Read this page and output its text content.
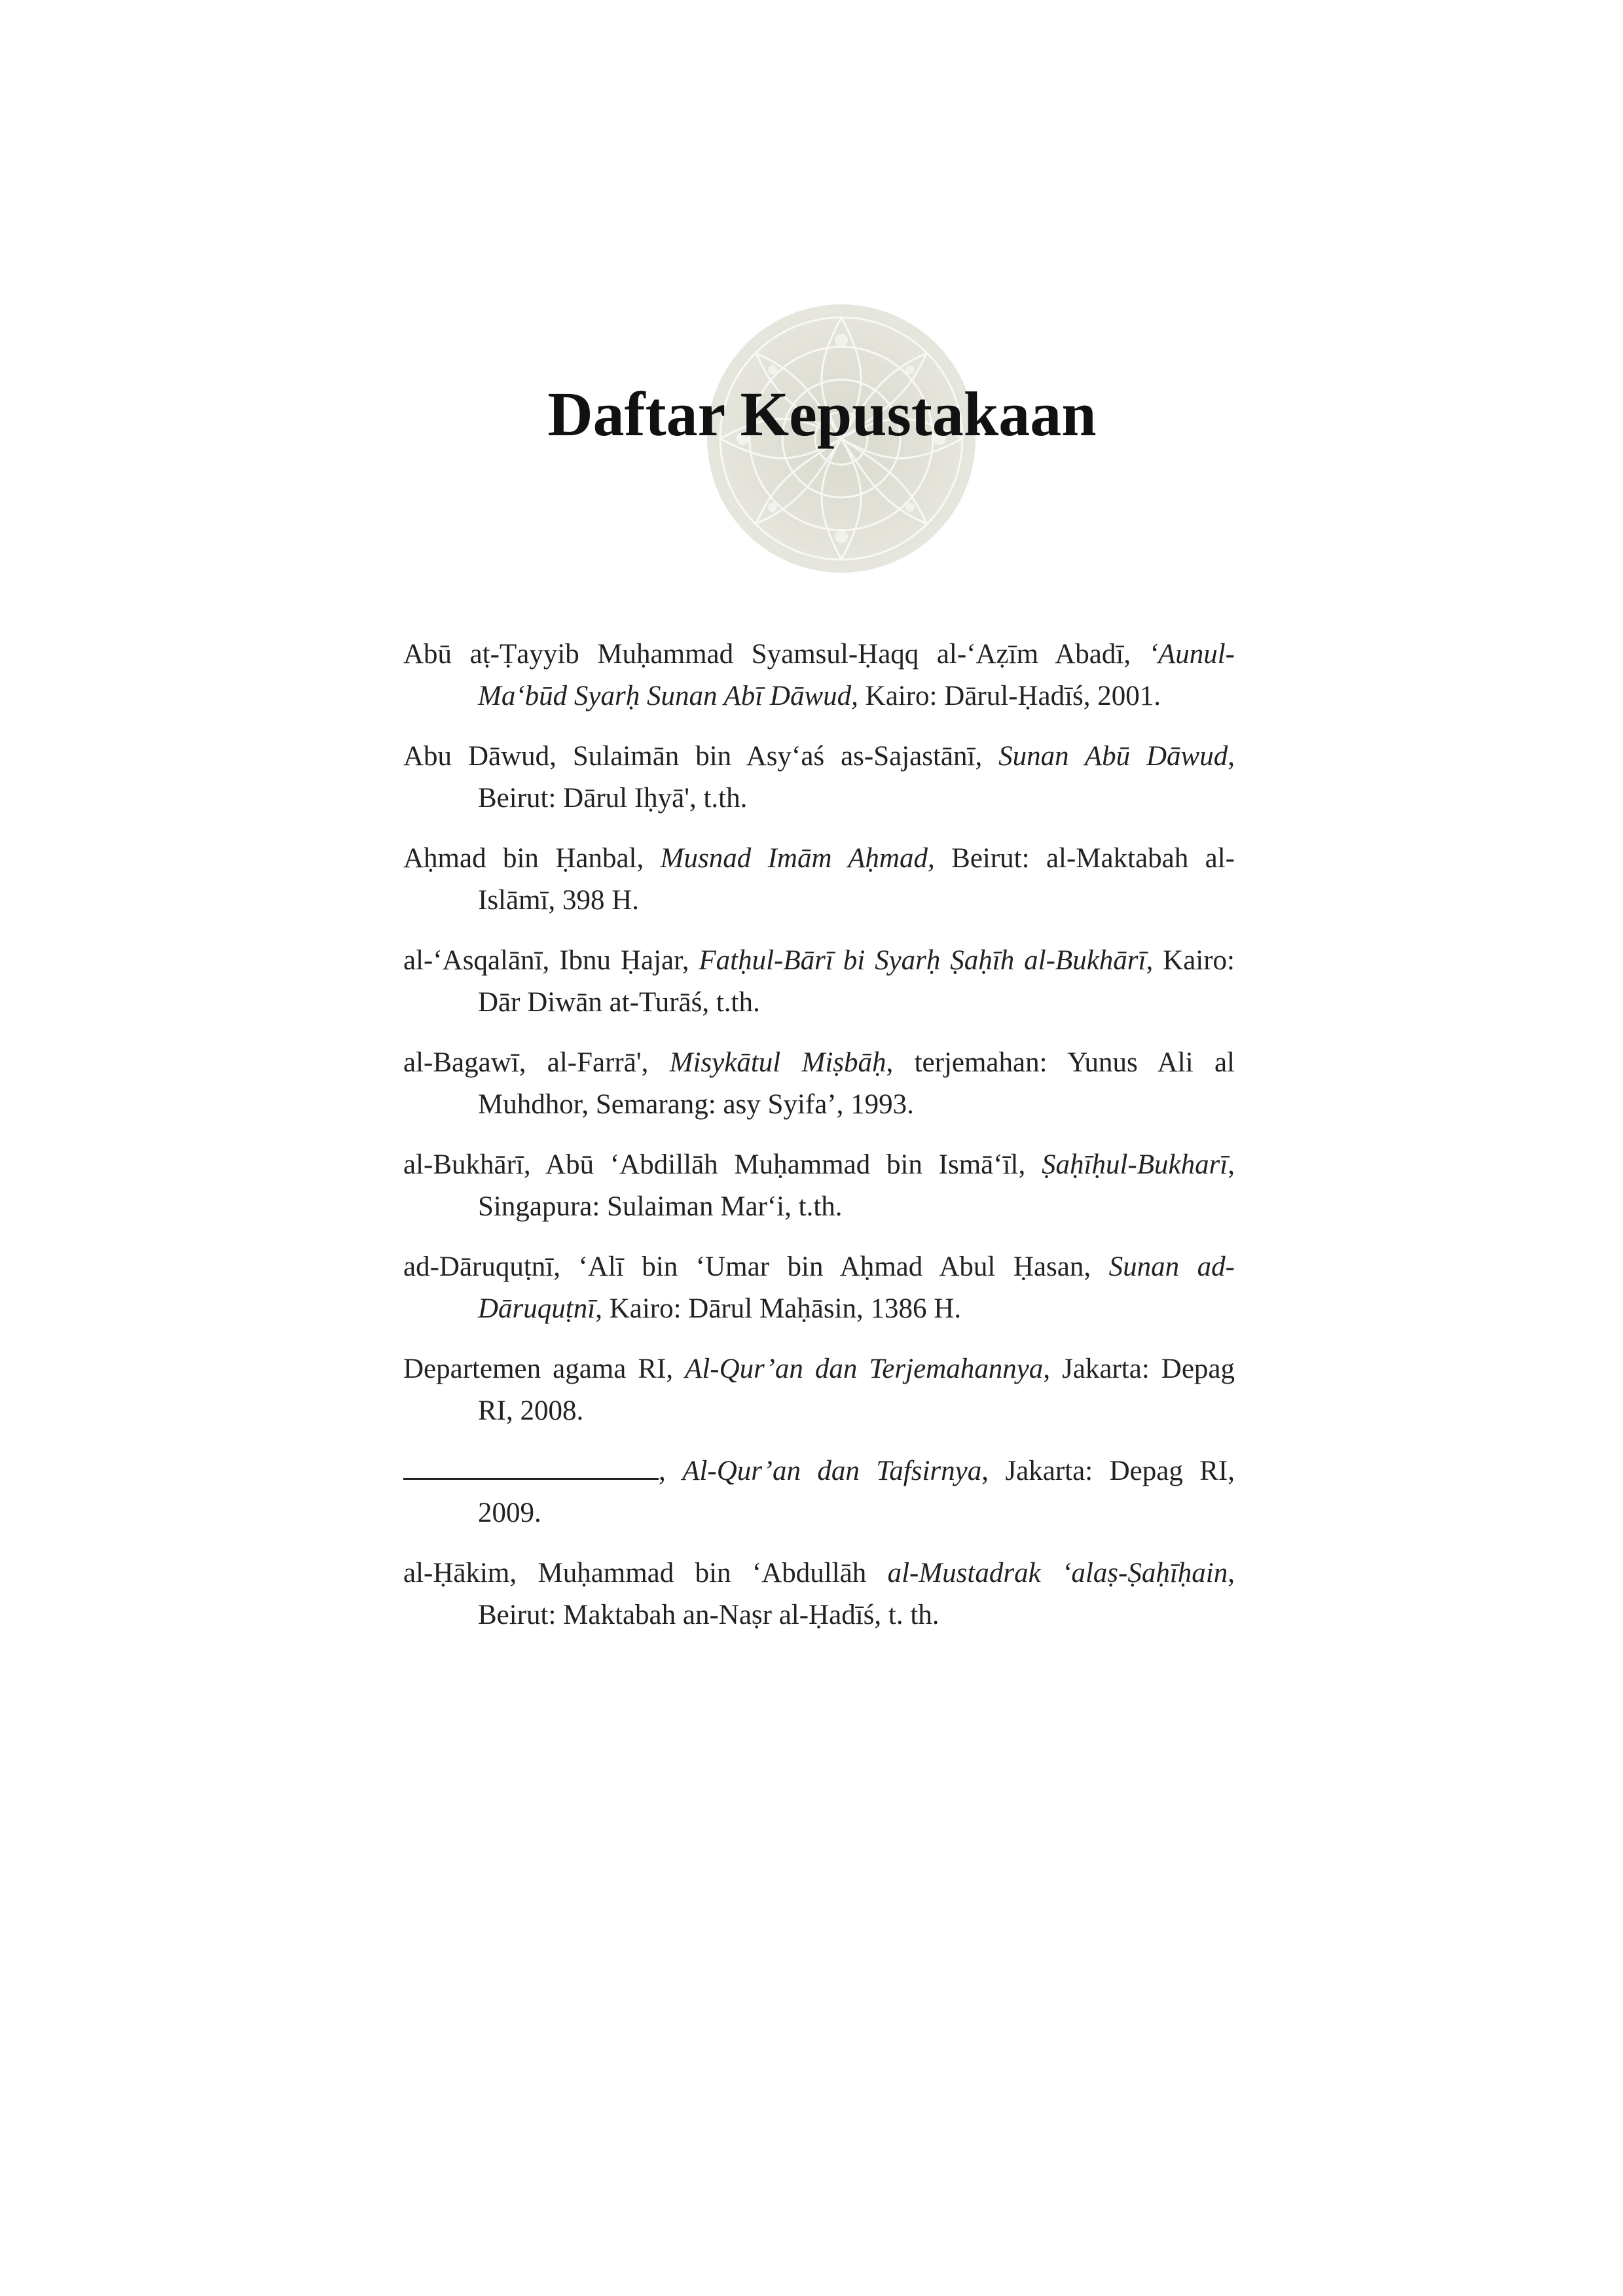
Daftar Kepustakaan
Abū aṭ-Ṭayyib Muḥammad Syamsul-Ḥaqq al-‘Aẓīm Abadī, ‘Aunul-Ma‘būd Syarḥ Sunan Abī Dāwud, Kairo: Dārul-Ḥadīś, 2001.
Abu Dāwud, Sulaimān bin Asy‘aś as-Sajastānī, Sunan Abū Dāwud, Beirut: Dārul Iḥyā', t.th.
Aḥmad bin Ḥanbal, Musnad Imām Aḥmad, Beirut: al-Maktabah al-Islāmī, 398 H.
al-‘Asqalānī, Ibnu Ḥajar, Fatḥul-Bārī bi Syarḥ Ṣaḥīh al-Bukhārī, Kairo: Dār Diwān at-Turāś, t.th.
al-Bagawī, al-Farrā', Misykātul Miṣbāḥ, terjemahan: Yunus Ali al Muhdhor, Semarang: asy Syifa’, 1993.
al-Bukhārī, Abū ‘Abdillāh Muḥammad bin Ismā‘īl, Ṣaḥīḥul-Bukharī, Singapura: Sulaiman Mar‘i, t.th.
ad-Dāruquṭnī, ‘Alī bin ‘Umar bin Aḥmad Abul Ḥasan, Sunan ad-Dāruquṭnī, Kairo: Dārul Maḥāsin, 1386 H.
Departemen agama RI, Al-Qur’an dan Terjemahannya, Jakarta: Depag RI, 2008.
, Al-Qur’an dan Tafsirnya, Jakarta: Depag RI, 2009.
al-Ḥākim, Muḥammad bin ‘Abdullāh al-Mustadrak ‘alaṣ-Ṣaḥīḥain, Beirut: Maktabah an-Naṣr al-Ḥadīś, t. th.
